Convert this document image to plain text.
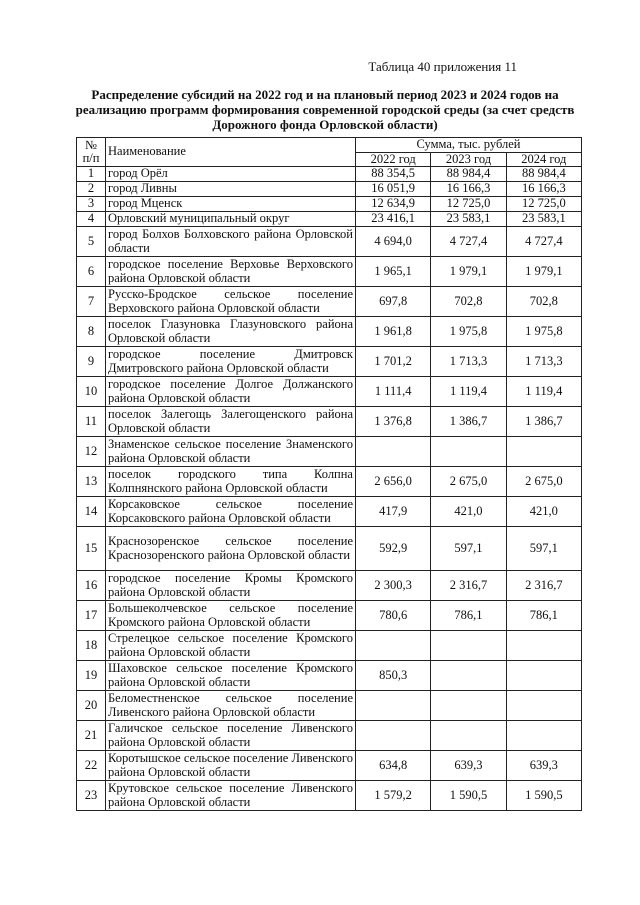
Таблица 40 приложения 11
Распределение субсидий на 2022 год и на плановый период 2023 и 2024 годов на реализацию программ формирования современной городской среды (за счет средств Дорожного фонда Орловской области)
№ п/п	Наименование	Сумма, тыс. рублей		
		2022 год	2023 год	2024 год
1	город Орёл	88 354,5	88 984,4	88 984,4
2	город Ливны	16 051,9	16 166,3	16 166,3
3	город Мценск	12 634,9	12 725,0	12 725,0
4	Орловский муниципальный округ	23 416,1	23 583,1	23 583,1
5	город Болхов Болховского района Орловской области	4 694,0	4 727,4	4 727,4
6	городское поселение Верховье Верховского района Орловской области	1 965,1	1 979,1	1 979,1
7	Русско-Бродское сельское поселение Верховского района Орловской области	697,8	702,8	702,8
8	поселок Глазуновка Глазуновского района Орловской области	1 961,8	1 975,8	1 975,8
9	городское поселение Дмитровск Дмитровского района Орловской области	1 701,2	1 713,3	1 713,3
10	городское поселение Долгое Должанского района Орловской области	1 111,4	1 119,4	1 119,4
11	поселок Залегощь Залегощенского района Орловской области	1 376,8	1 386,7	1 386,7
12	Знаменское сельское поселение Знаменского района Орловской области			
13	поселок городского типа Колпна Колпнянского района Орловской области	2 656,0	2 675,0	2 675,0
14	Корсаковское сельское поселение Корсаковского района Орловской области	417,9	421,0	421,0
15	Краснозоренское сельское поселение Краснозоренского района Орловской области	592,9	597,1	597,1
16	городское поселение Кромы Кромского района Орловской области	2 300,3	2 316,7	2 316,7
17	Большеколчевское сельское поселение Кромского района Орловской области	780,6	786,1	786,1
18	Стрелецкое сельское поселение Кромского района Орловской области			
19	Шаховское сельское поселение Кромского района Орловской области	850,3		
20	Беломестненское сельское поселение Ливенского района Орловской области			
21	Галичское сельское поселение Ливенского района Орловской области			
22	Коротышское сельское поселение Ливенского района Орловской области	634,8	639,3	639,3
23	Крутовское сельское поселение Ливенского района Орловской области	1 579,2	1 590,5	1 590,5
